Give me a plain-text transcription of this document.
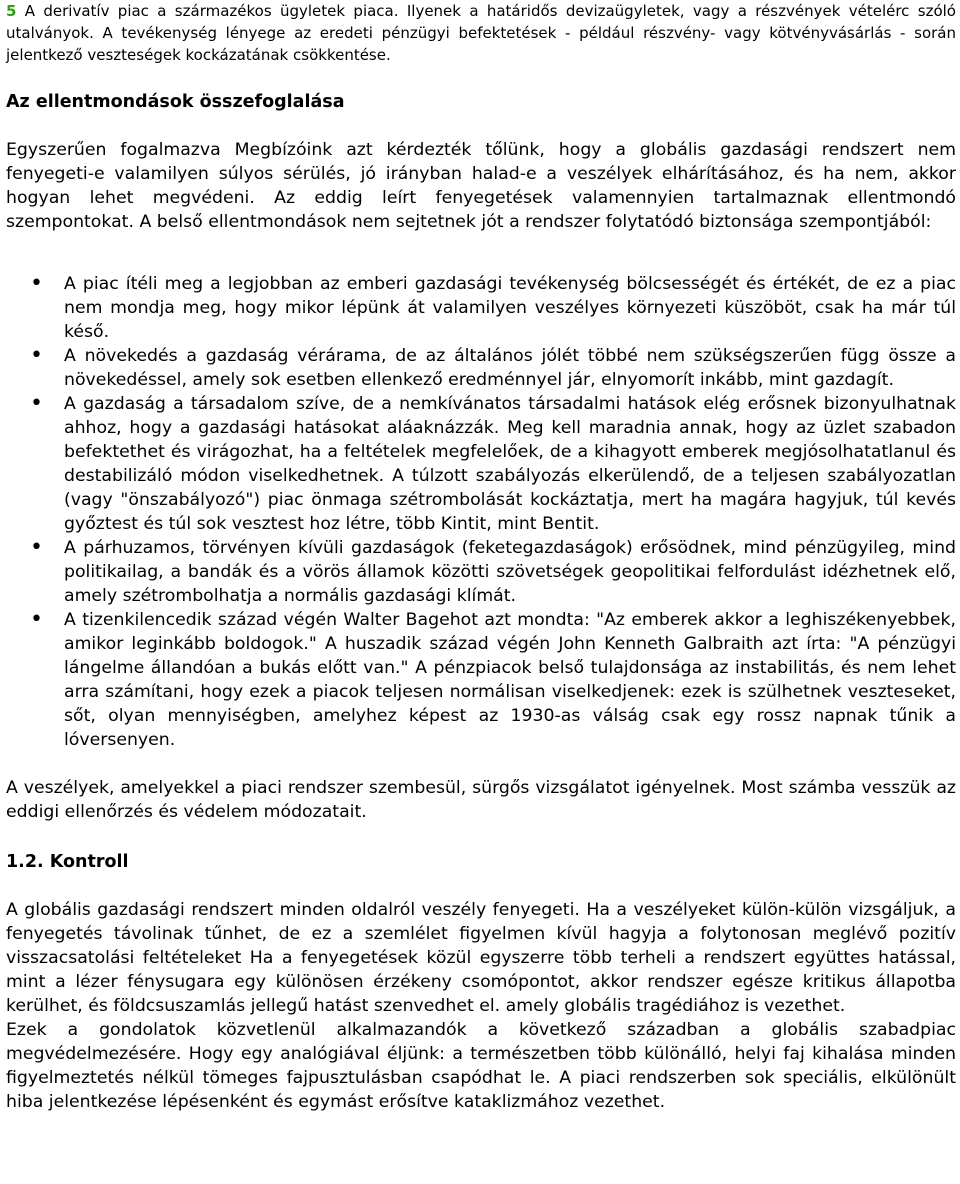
5 A derivatív piac a származékos ügyletek piaca. Ilyenek a határidős devizaügyletek, vagy a részvények vételérc szóló utalványok. A tevékenység lényege az eredeti pénzügyi befektetések - például részvény- vagy kötvényvásárlás - során jelentkező veszteségek kockázatának csökkentése.

Az ellentmondások összefoglalása

Egyszerűen fogalmazva Megbízóink azt kérdezték tőlünk, hogy a globális gazdasági rendszert nem fenyegeti-e valamilyen súlyos sérülés, jó irányban halad-e a veszélyek elhárításához, és ha nem, akkor hogyan lehet megvédeni. Az eddig leírt fenyegetések valamennyien tartalmaznak ellentmondó szempontokat. A belső ellentmondások nem sejtetnek jót a rendszer folytatódó biztonsága szempontjából:

• A piac ítéli meg a legjobban az emberi gazdasági tevékenység bölcsességét és értékét, de ez a piac nem mondja meg, hogy mikor lépünk át valamilyen veszélyes környezeti küszöböt, csak ha már túl késő.
• A növekedés a gazdaság vérárama, de az általános jólét többé nem szükségszerűen függ össze a növekedéssel, amely sok esetben ellenkező eredménnyel jár, elnyomorít inkább, mint gazdagít.
• A gazdaság a társadalom szíve, de a nemkívánatos társadalmi hatások elég erősnek bizonyulhatnak ahhoz, hogy a gazdasági hatásokat aláaknázzák. Meg kell maradnia annak, hogy az üzlet szabadon befektethet és virágozhat, ha a feltételek megfelelőek, de a kihagyott emberek megjósolhatatlanul és destabilizáló módon viselkedhetnek. A túlzott szabályozás elkerülendő, de a teljesen szabályozatlan (vagy "önszabályozó") piac önmaga szétrombolását kockáztatja, mert ha magára hagyjuk, túl kevés győztest és túl sok vesztest hoz létre, több Kintit, mint Bentit.
• A párhuzamos, törvényen kívüli gazdaságok (feketegazdaságok) erősödnek, mind pénzügyileg, mind politikailag, a bandák és a vörös államok közötti szövetségek geopolitikai felfordulást idézhetnek elő, amely szétrombolhatja a normális gazdasági klímát.
• A tizenkilencedik század végén Walter Bagehot azt mondta: "Az emberek akkor a leghiszékenyebbek, amikor leginkább boldogok." A huszadik század végén John Kenneth Galbraith azt írta: "A pénzügyi lángelme állandóan a bukás előtt van." A pénzpiacok belső tulajdonsága az instabilitás, és nem lehet arra számítani, hogy ezek a piacok teljesen normálisan viselkedjenek: ezek is szülhetnek veszteseket, sőt, olyan mennyiségben, amelyhez képest az 1930-as válság csak egy rossz napnak tűnik a lóversenyen.

A veszélyek, amelyekkel a piaci rendszer szembesül, sürgős vizsgálatot igényelnek. Most számba vesszük az eddigi ellenőrzés és védelem módozatait.

1.2. Kontroll

A globális gazdasági rendszert minden oldalról veszély fenyegeti. Ha a veszélyeket külön-külön vizsgáljuk, a fenyegetés távolinak tűnhet, de ez a szemlélet figyelmen kívül hagyja a folytonosan meglévő pozitív visszacsatolási feltételeket Ha a fenyegetések közül egyszerre több terheli a rendszert együttes hatással, mint a lézer fénysugara egy különösen érzékeny csomópontot, akkor rendszer egésze kritikus állapotba kerülhet, és földcsuszamlás jellegű hatást szenvedhet el. amely globális tragédiához is vezethet.

Ezek a gondolatok közvetlenül alkalmazandók a következő században a globális szabadpiac megvédelmezésére. Hogy egy analógiával éljünk: a természetben több különálló, helyi faj kihalása minden figyelmeztetés nélkül tömeges fajpusztulásban csapódhat le. A piaci rendszerben sok speciális, elkülönült hiba jelentkezése lépésenként és egymást erősítve kataklizmához vezethet.
